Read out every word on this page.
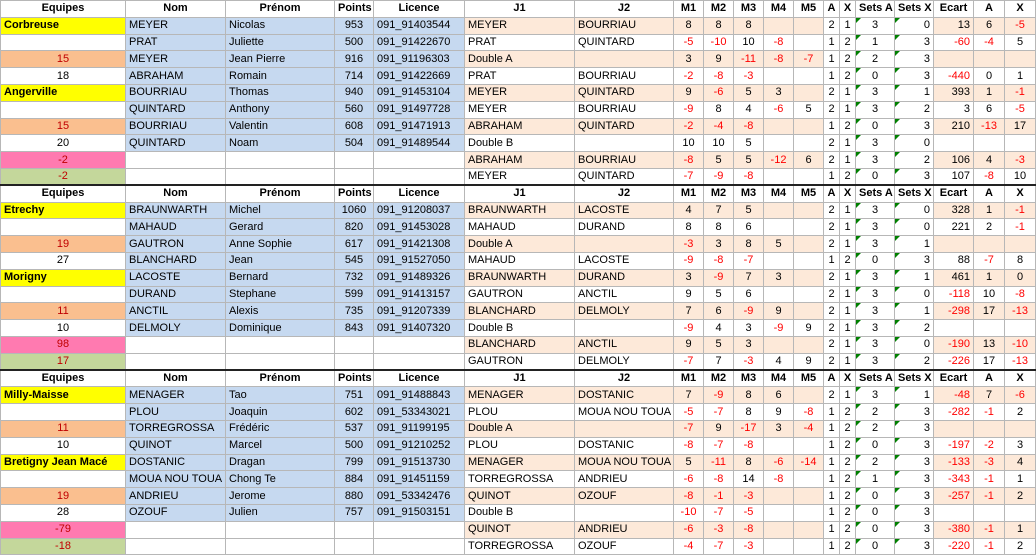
Equipes	Nom	Prénom	Points	Licence	J1	J2	M1	M2	M3	M4	M5	A	X	Sets A	Sets X	Ecart	A	X
Corbreuse	MEYER	Nicolas	953	091_91403544	MEYER	BOURRIAU	8	8	8			2	1	3	0	13	6	-5
	PRAT	Juliette	500	091_91422670	PRAT	QUINTARD	-5	-10	10	-8		1	2	1	3	-60	-4	5
15	MEYER	Jean Pierre	916	091_91196303	Double A		3	9	-11	-8	-7	1	2	2	3			
18	ABRAHAM	Romain	714	091_91422669	PRAT	BOURRIAU	-2	-8	-3			1	2	0	3	-440	0	1
Angerville	BOURRIAU	Thomas	940	091_91453104	MEYER	QUINTARD	9	-6	5	3		2	1	3	1	393	1	-1
	QUINTARD	Anthony	560	091_91497728	MEYER	BOURRIAU	-9	8	4	-6	5	2	1	3	2	3	6	-5
15	BOURRIAU	Valentin	608	091_91471913	ABRAHAM	QUINTARD	-2	-4	-8			1	2	0	3	210	-13	17
20	QUINTARD	Noam	504	091_91489544	Double B		10	10	5			2	1	3	0			
-2					ABRAHAM	BOURRIAU	-8	5	5	-12	6	2	1	3	2	106	4	-3
-2					MEYER	QUINTARD	-7	-9	-8			1	2	0	3	107	-8	10
Equipes	Nom	Prénom	Points	Licence	J1	J2	M1	M2	M3	M4	M5	A	X	Sets A	Sets X	Ecart	A	X
Etrechy	BRAUNWARTH	Michel	1060	091_91208037	BRAUNWARTH	LACOSTE	4	7	5			2	1	3	0	328	1	-1
	MAHAUD	Gerard	820	091_91453028	MAHAUD	DURAND	8	8	6			2	1	3	0	221	2	-1
19	GAUTRON	Anne Sophie	617	091_91421308	Double A		-3	3	8	5		2	1	3	1			
27	BLANCHARD	Jean	545	091_91527050	MAHAUD	LACOSTE	-9	-8	-7			1	2	0	3	88	-7	8
Morigny	LACOSTE	Bernard	732	091_91489326	BRAUNWARTH	DURAND	3	-9	7	3		2	1	3	1	461	1	0
	DURAND	Stephane	599	091_91413157	GAUTRON	ANCTIL	9	5	6			2	1	3	0	-118	10	-8
11	ANCTIL	Alexis	735	091_91207339	BLANCHARD	DELMOLY	7	6	-9	9		2	1	3	1	-298	17	-13
10	DELMOLY	Dominique	843	091_91407320	Double B		-9	4	3	-9	9	2	1	3	2			
98					BLANCHARD	ANCTIL	9	5	3			2	1	3	0	-190	13	-10
17					GAUTRON	DELMOLY	-7	7	-3	4	9	2	1	3	2	-226	17	-13
Equipes	Nom	Prénom	Points	Licence	J1	J2	M1	M2	M3	M4	M5	A	X	Sets A	Sets X	Ecart	A	X
Milly-Maisse	MENAGER	Tao	751	091_91488843	MENAGER	DOSTANIC	7	-9	8	6		2	1	3	1	-48	7	-6
	PLOU	Joaquin	602	091_53343021	PLOU	MOUA NOU TOUA	-5	-7	8	9	-8	1	2	2	3	-282	-1	2
11	TORREGROSSA	Frédéric	537	091_91199195	Double A		-7	9	-17	3	-4	1	2	2	3			
10	QUINOT	Marcel	500	091_91210252	PLOU	DOSTANIC	-8	-7	-8			1	2	0	3	-197	-2	3
Bretigny Jean Macé	DOSTANIC	Dragan	799	091_91513730	MENAGER	MOUA NOU TOUA	5	-11	8	-6	-14	1	2	2	3	-133	-3	4
	MOUA NOU TOUA	Chong Te	884	091_91451159	TORREGROSSA	ANDRIEU	-6	-8	14	-8		1	2	1	3	-343	-1	1
19	ANDRIEU	Jerome	880	091_53342476	QUINOT	OZOUF	-8	-1	-3			1	2	0	3	-257	-1	2
28	OZOUF	Julien	757	091_91503151	Double B		-10	-7	-5			1	2	0	3			
-79					QUINOT	ANDRIEU	-6	-3	-8			1	2	0	3	-380	-1	1
-18					TORREGROSSA	OZOUF	-4	-7	-3			1	2	0	3	-220	-1	2
